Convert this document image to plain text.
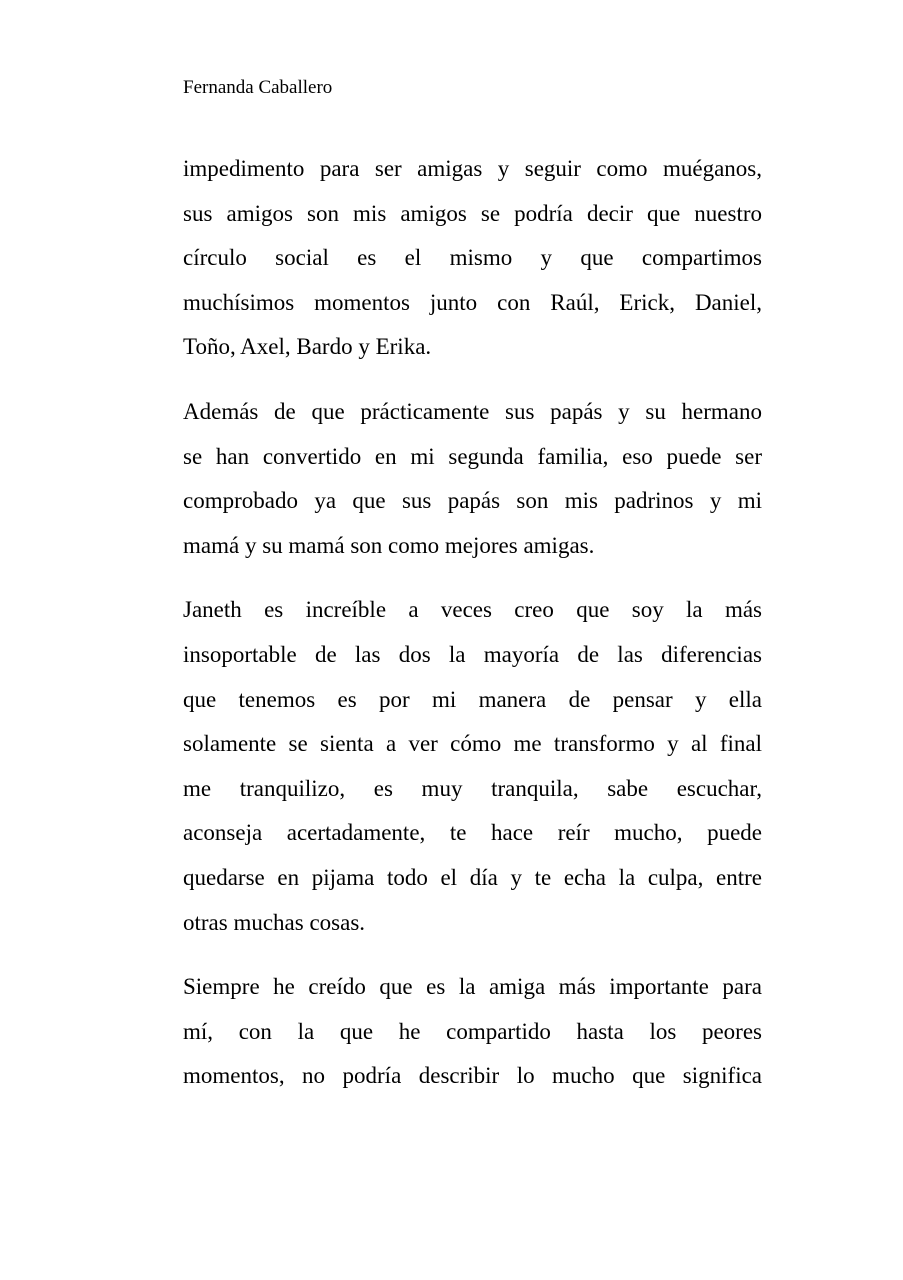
Fernanda Caballero
impedimento para ser amigas y seguir como muéganos,
sus amigos son mis amigos se podría decir que nuestro
círculo social es el mismo y que compartimos
muchísimos momentos junto con Raúl, Erick, Daniel,
Toño, Axel, Bardo y Erika.
Además de que prácticamente sus papás y su hermano
se han convertido en mi segunda familia, eso puede ser
comprobado ya que sus papás son mis padrinos y mi
mamá y su mamá son como mejores amigas.
Janeth es increíble a veces creo que soy la más
insoportable de las dos la mayoría de las diferencias
que tenemos es por mi manera de pensar y ella
solamente se sienta a ver cómo me transformo y al final
me tranquilizo, es muy tranquila, sabe escuchar,
aconseja acertadamente, te hace reír mucho, puede
quedarse en pijama todo el día y te echa la culpa, entre
otras muchas cosas.
Siempre he creído que es la amiga más importante para
mí, con la que he compartido hasta los peores
momentos, no podría describir lo mucho que significa
